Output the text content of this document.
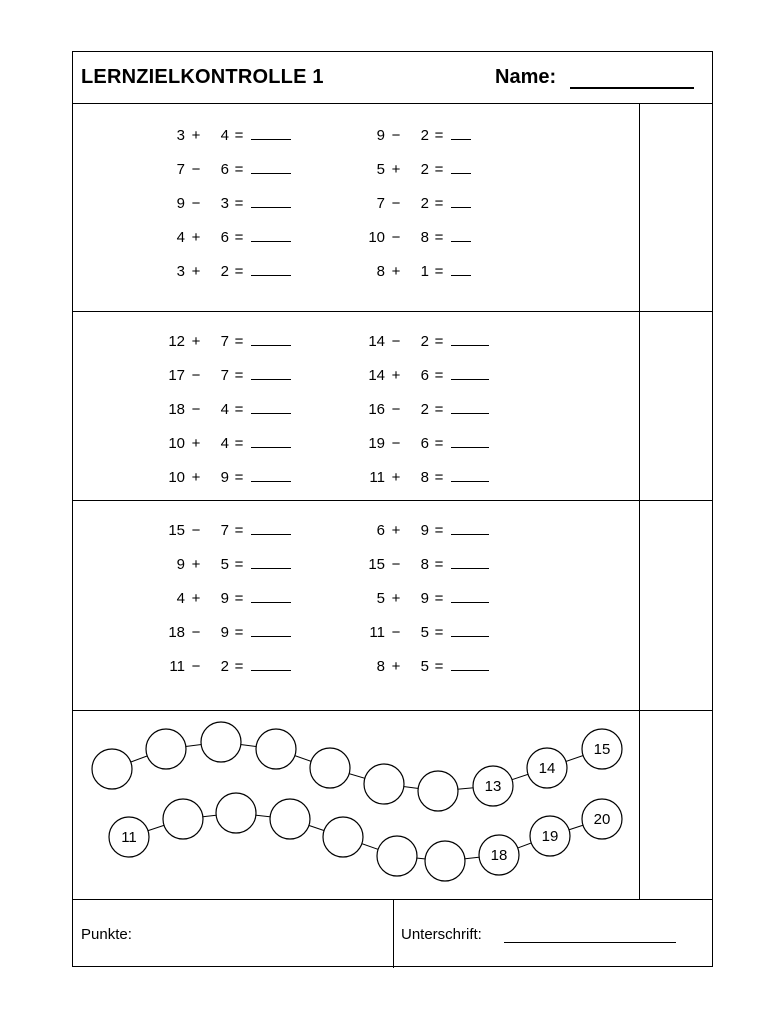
LERNZIELKONTROLLE 1	Name:
3 + 4 =
7 − 6 =
9 − 3 =
4 + 6 =
3 + 2 =
9 − 2 =
5 + 2 =
7 − 2 =
10 − 8 =
8 + 1 =
12 + 7 =
17 − 7 =
18 − 4 =
10 + 4 =
10 + 9 =
14 − 2 =
14 + 6 =
16 − 2 =
19 − 6 =
11 + 8 =
15 − 7 =
9 + 5 =
4 + 9 =
18 − 9 =
11 − 2 =
6 + 9 =
15 − 8 =
5 + 9 =
11 − 5 =
8 + 5 =
13
14
15
11
18
19
20
Punkte:	Unterschrift:
